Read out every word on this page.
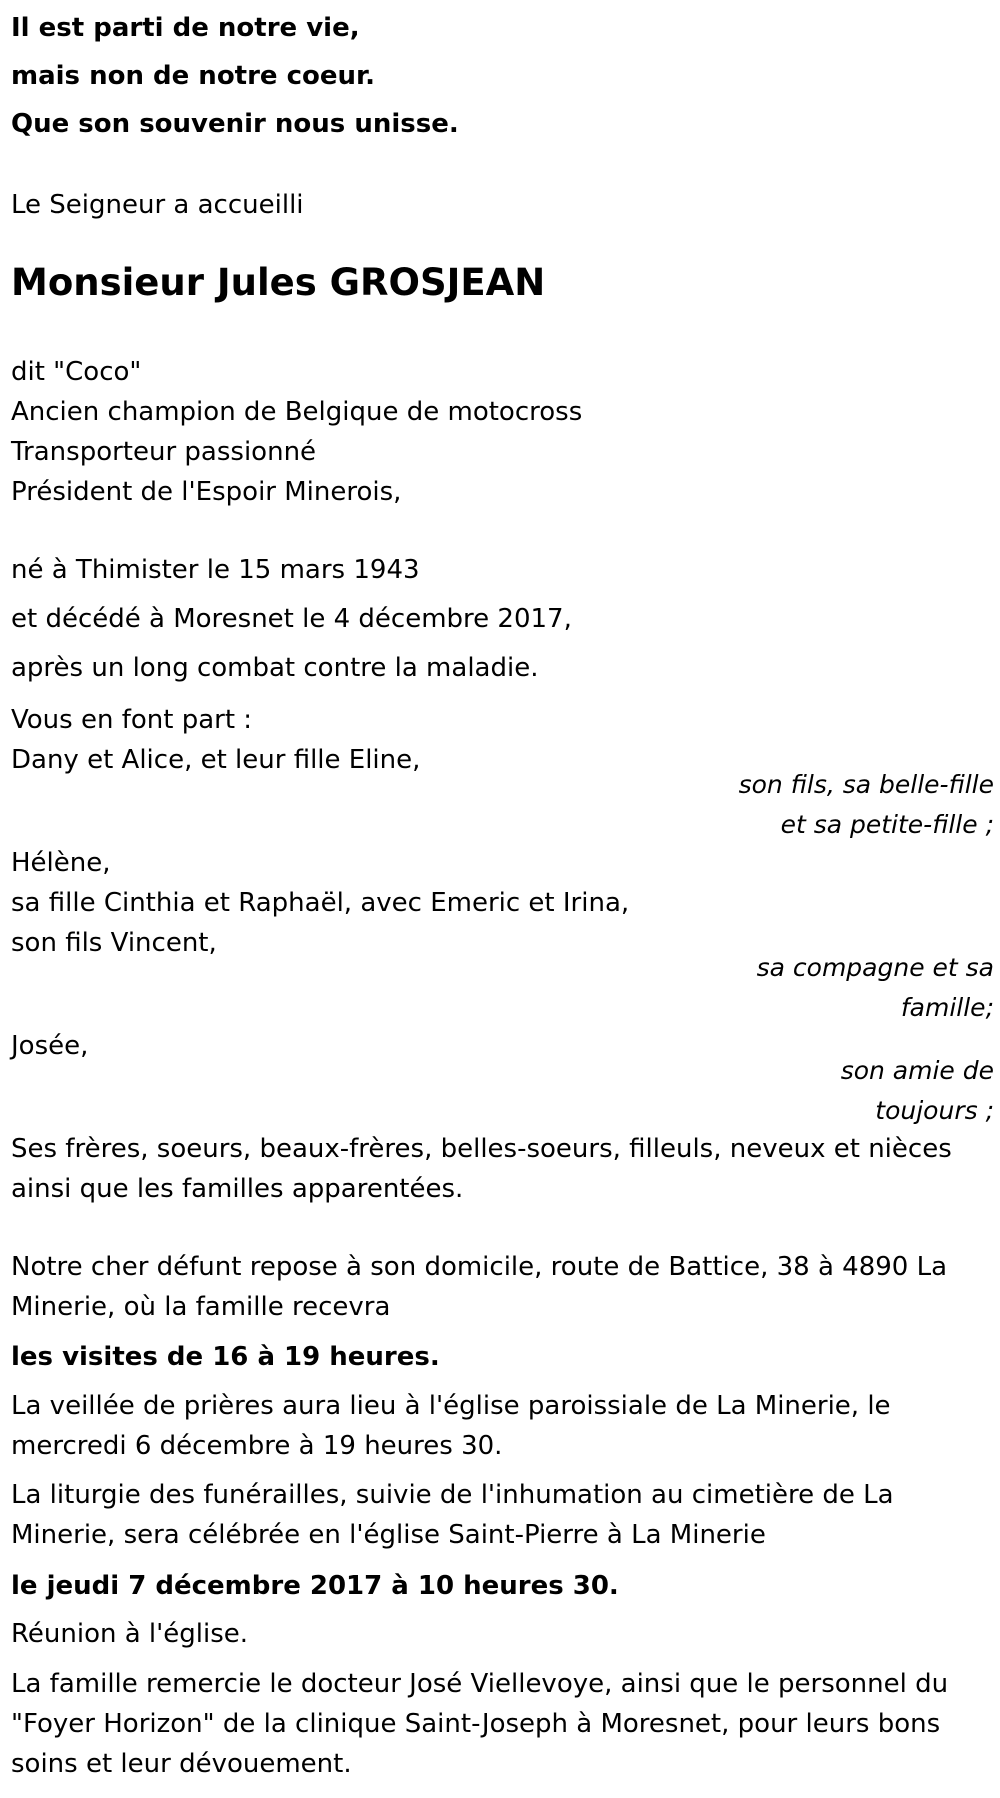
Il est parti de notre vie,

mais non de notre coeur.

Que son souvenir nous unisse.

Le Seigneur a accueilli

Monsieur Jules GROSJEAN

dit "Coco"

Ancien champion de Belgique de motocross

Transporteur passionné

Président de l'Espoir Minerois,

né à Thimister le 15 mars 1943

et décédé à Moresnet le 4 décembre 2017,

après un long combat contre la maladie.

Vous en font part :

Dany et Alice, et leur fille Eline,

son fils, sa belle-fille

et sa petite-fille ;

Hélène,

sa fille Cinthia et Raphaël, avec Emeric et Irina,

son fils Vincent,

sa compagne et sa

famille;

Josée,

son amie de

toujours ;

Ses frères, soeurs, beaux-frères, belles-soeurs, filleuls, neveux et nièces

ainsi que les familles apparentées.

Notre cher défunt repose à son domicile, route de Battice, 38 à 4890 La

Minerie, où la famille recevra

les visites de 16 à 19 heures.

La veillée de prières aura lieu à l'église paroissiale de La Minerie, le

mercredi 6 décembre à 19 heures 30.

La liturgie des funérailles, suivie de l'inhumation au cimetière de La

Minerie, sera célébrée en l'église Saint-Pierre à La Minerie

le jeudi 7 décembre 2017 à 10 heures 30.

Réunion à l'église.

La famille remercie le docteur José Viellevoye, ainsi que le personnel du

"Foyer Horizon" de la clinique Saint-Joseph à Moresnet, pour leurs bons

soins et leur dévouement.
